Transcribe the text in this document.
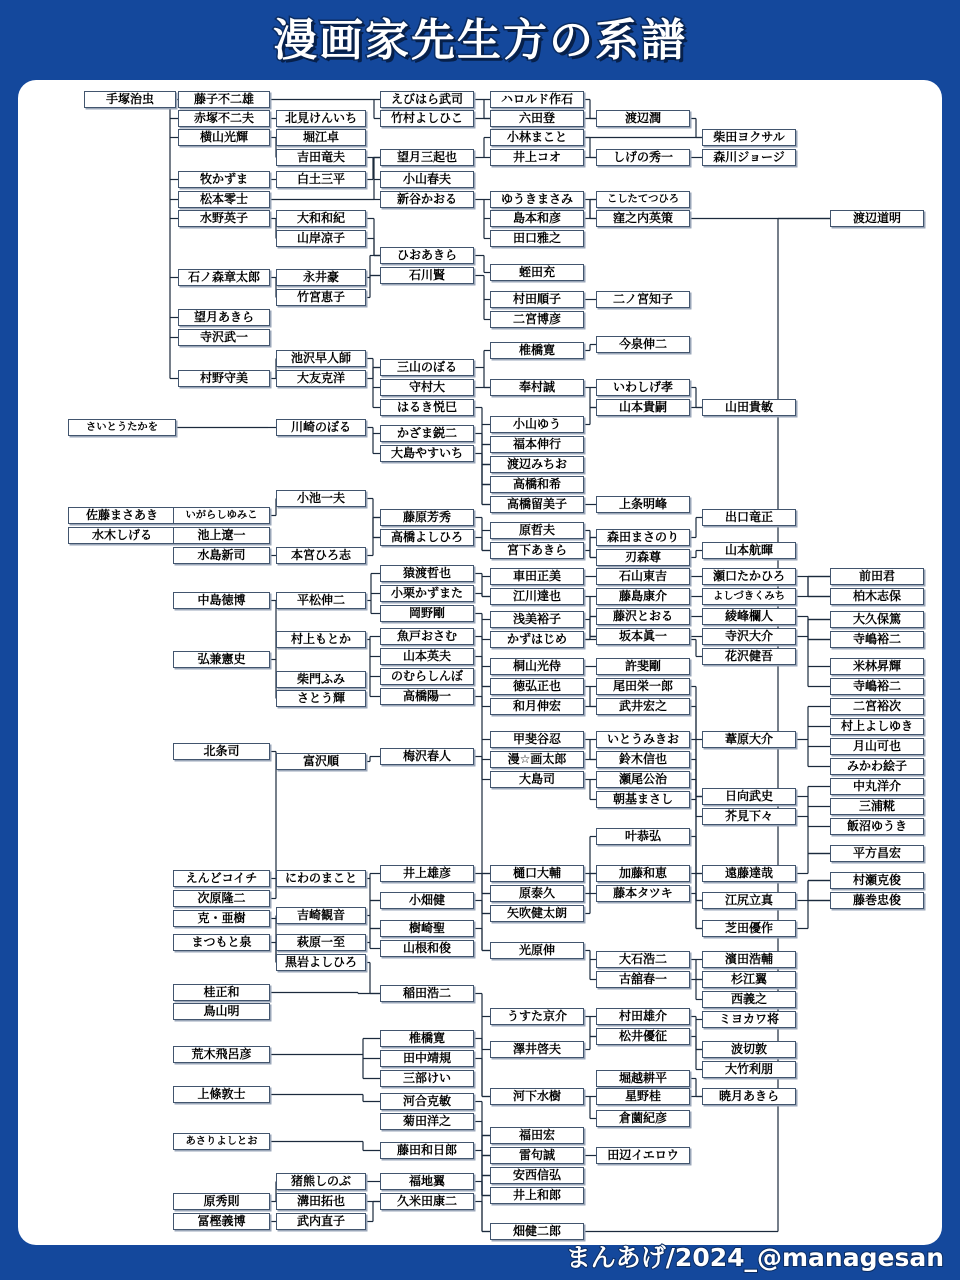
漫画家先生方の系譜
手塚治虫	藤子不二雄
赤塚不二夫
横山光輝
牧かずま
松本零士
水野英子
石ノ森章太郎
望月あきら
寺沢武一
村野守美
さいとうたかを
佐藤まさあき
水木しげる
いがらしゆみこ
池上遼一
水島新司
中島徳博
弘兼憲史
北条司
えんどコイチ
次原隆二
克・亜樹
まつもと泉
桂正和
鳥山明
荒木飛呂彦
上條敦士
あさりよしとお
原秀則
冨樫義博
北見けんいち
堀江卓
吉田竜夫
白土三平
大和和紀
山岸凉子
永井豪
竹宮恵子
池沢早人師
大友克洋
川崎のぼる
小池一夫
本宮ひろ志
平松伸二
村上もとか
柴門ふみ
さとう輝
富沢順
にわのまこと
吉崎観音
萩原一至
黒岩よしひろ
猪熊しのぶ
溝田拓也
武内直子
えびはら武司
竹村よしひこ
望月三起也
小山春夫
新谷かおる
ひおあきら
石川賢
三山のぼる
守村大
はるき悦巳
かざま鋭二
大島やすいち
藤原芳秀
高橋よしひろ
猿渡哲也
小栗かずまた
岡野剛
魚戸おさむ
山本英夫
のむらしんぼ
高橋陽一
梅沢春人
井上雄彦
小畑健
樹崎聖
山根和俊
稲田浩二
椎橋寛
田中靖規
三部けい
河合克敏
菊田洋之
藤田和日郎
福地翼
久米田康二
ハロルド作石
六田登
小林まこと
井上コオ
ゆうきまさみ
島本和彦
田口雅之
蛭田充
村田順子
二宮博彦
椎橋寛
奉村誠
小山ゆう
福本伸行
渡辺みちお
高橋和希
高橋留美子
原哲夫
宮下あきら
車田正美
江川達也
浅美裕子
かずはじめ
桐山光侍
徳弘正也
和月伸宏
甲斐谷忍
漫☆画太郎
大島司
樋口大輔
原泰久
矢吹健太朗
光原伸
うすた京介
澤井啓夫
河下水樹
福田宏
雷句誠
安西信弘
井上和郎
畑健二郎
渡辺潤
しげの秀一
こしたてつひろ
窪之内英策
二ノ宮知子
今泉伸二
いわしげ孝
山本貴嗣
上条明峰
森田まさのり
刃森尊
石山東吉
藤島康介
藤沢とおる
坂本眞一
許斐剛
尾田栄一郎
武井宏之
いとうみきお
鈴木信也
瀬尾公治
朝基まさし
叶恭弘
加藤和恵
藤本タツキ
大石浩二
古舘春一
村田雄介
松井優征
堀越耕平
星野桂
倉薗紀彦
田辺イエロウ
柴田ヨクサル
森川ジョージ
山田貴敏
出口竜正
山本航暉
瀬口たかひろ
よしづきくみち
綾峰欄人
寺沢大介
花沢健吾
葦原大介
日向武史
芥見下々
遠藤達哉
江尻立真
芝田優作
濱田浩輔
杉江翼
西義之
ミヨカワ将
波切敦
大竹利朋
暁月あきら
渡辺道明
前田君
柏木志保
大久保篤
寺嶋裕二
米林昇輝
寺嶋裕二
二宮裕次
村上よしゆき
月山可也
みかわ絵子
中丸洋介
三浦糀
飯沼ゆうき
平方昌宏
村瀬克俊
藤巻忠俊
まんあげ/2024_@managesan
